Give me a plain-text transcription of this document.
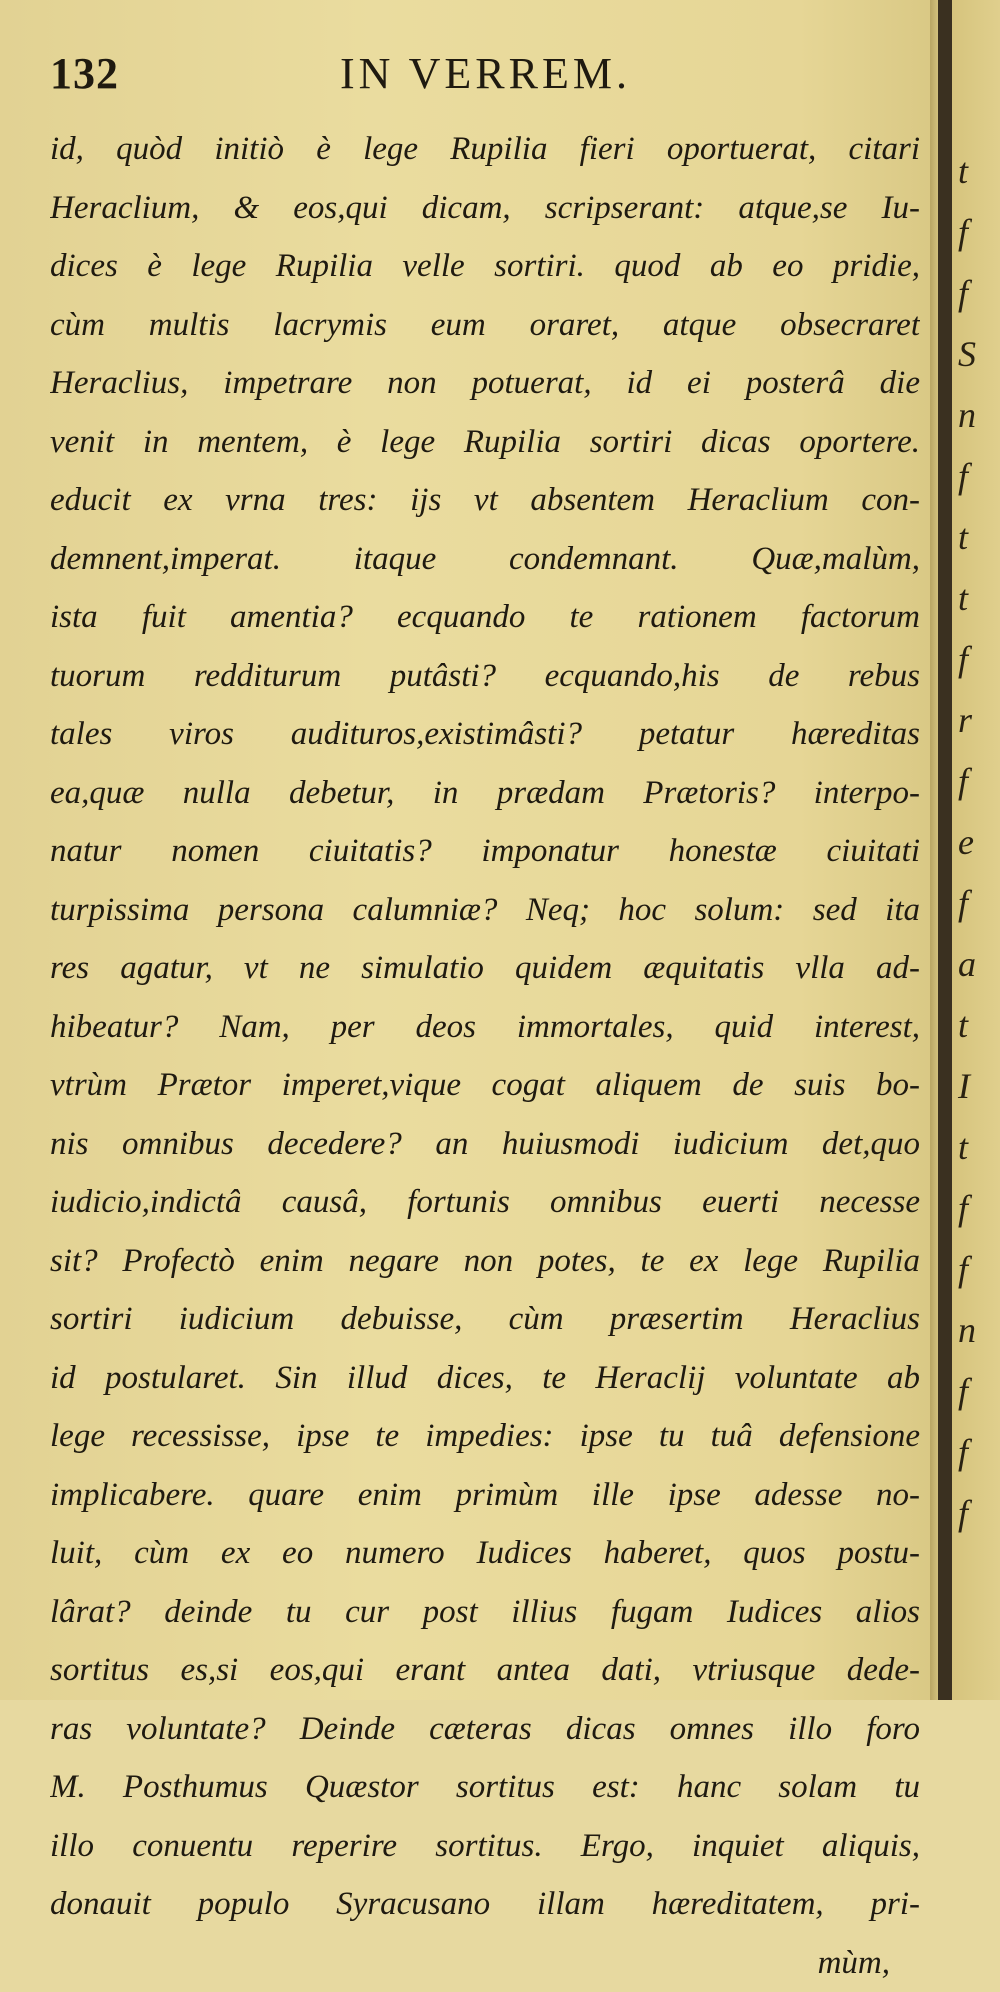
t
f
f
S
n
f
t
t
f
r
f
e
f
a
t
I
t
f
f
n
f
f
f
132	IN VERREM.
id, quòd initiò è lege Rupilia fieri oportuerat, citari
Heraclium, & eos,qui dicam, scripserant: atque,se Iu-
dices è lege Rupilia velle sortiri. quod ab eo pridie,
cùm multis lacrymis eum oraret, atque obsecraret
Heraclius, impetrare non potuerat, id ei posterâ die
venit in mentem, è lege Rupilia sortiri dicas oportere.
educit ex vrna tres: ijs vt absentem Heraclium con-
demnent,imperat. itaque condemnant. Quæ,malùm,
ista fuit amentia? ecquando te rationem factorum
tuorum redditurum putâsti? ecquando,his de rebus
tales viros audituros,existimâsti? petatur hæreditas
ea,quæ nulla debetur, in prædam Prætoris? interpo-
natur nomen ciuitatis? imponatur honestæ ciuitati
turpissima persona calumniæ? Neq; hoc solum: sed ita
res agatur, vt ne simulatio quidem æquitatis vlla ad-
hibeatur? Nam, per deos immortales, quid interest,
vtrùm Prætor imperet,vique cogat aliquem de suis bo-
nis omnibus decedere? an huiusmodi iudicium det,quo
iudicio,indictâ causâ, fortunis omnibus euerti necesse
sit? Profectò enim negare non potes, te ex lege Rupilia
sortiri iudicium debuisse, cùm præsertim Heraclius
id postularet. Sin illud dices, te Heraclij voluntate ab
lege recessisse, ipse te impedies: ipse tu tuâ defensione
implicabere. quare enim primùm ille ipse adesse no-
luit, cùm ex eo numero Iudices haberet, quos postu-
lârat? deinde tu cur post illius fugam Iudices alios
sortitus es,si eos,qui erant antea dati, vtriusque dede-
ras voluntate? Deinde cæteras dicas omnes illo foro
M. Posthumus Quæstor sortitus est: hanc solam tu
illo conuentu reperire sortitus. Ergo, inquiet aliquis,
donauit populo Syracusano illam hæreditatem, pri-
mùm,
